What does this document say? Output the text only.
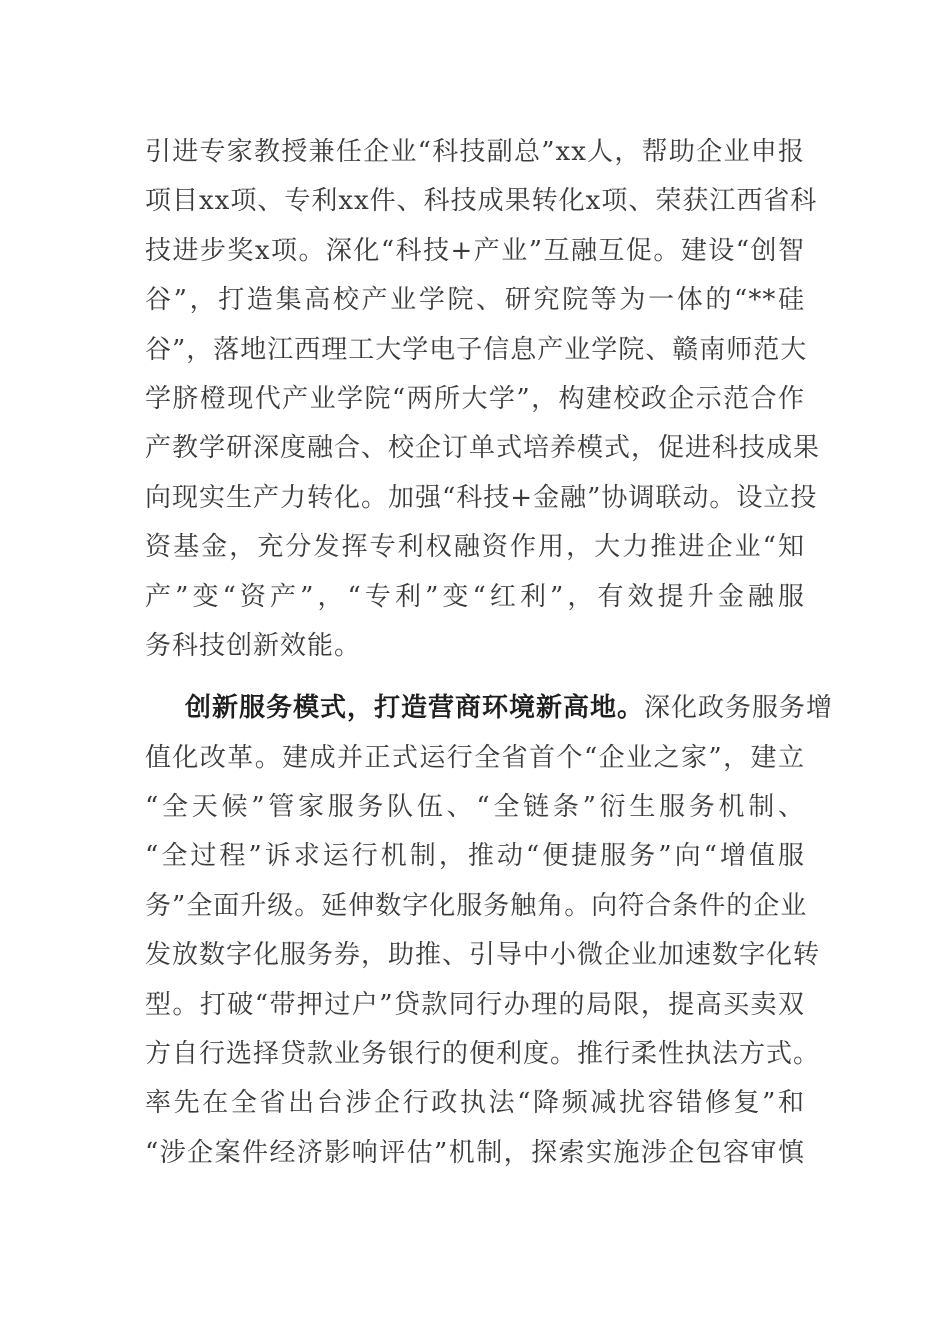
引进专家教授兼任企业“科技副总”xx人，帮助企业申报
项目xx项、专利xx件、科技成果转化x项、荣获江西省科
技进步奖x项。深化“科技+产业”互融互促。建设“创智
谷”，打造集高校产业学院、研究院等为一体的“**硅
谷”，落地江西理工大学电子信息产业学院、赣南师范大
学脐橙现代产业学院“两所大学”，构建校政企示范合作
产教学研深度融合、校企订单式培养模式，促进科技成果
向现实生产力转化。加强“科技+金融”协调联动。设立投
资基金，充分发挥专利权融资作用，大力推进企业“知
产”变“资产”，“专利”变“红利”，有效提升金融服
务科技创新效能。
创新服务模式，打造营商环境新高地。深化政务服务增
值化改革。建成并正式运行全省首个“企业之家”，建立
“全天候”管家服务队伍、“全链条”衍生服务机制、
“全过程”诉求运行机制，推动“便捷服务”向“增值服
务”全面升级。延伸数字化服务触角。向符合条件的企业
发放数字化服务券，助推、引导中小微企业加速数字化转
型。打破“带押过户”贷款同行办理的局限，提高买卖双
方自行选择贷款业务银行的便利度。推行柔性执法方式。
率先在全省出台涉企行政执法“降频减扰容错修复”和
“涉企案件经济影响评估”机制，探索实施涉企包容审慎
